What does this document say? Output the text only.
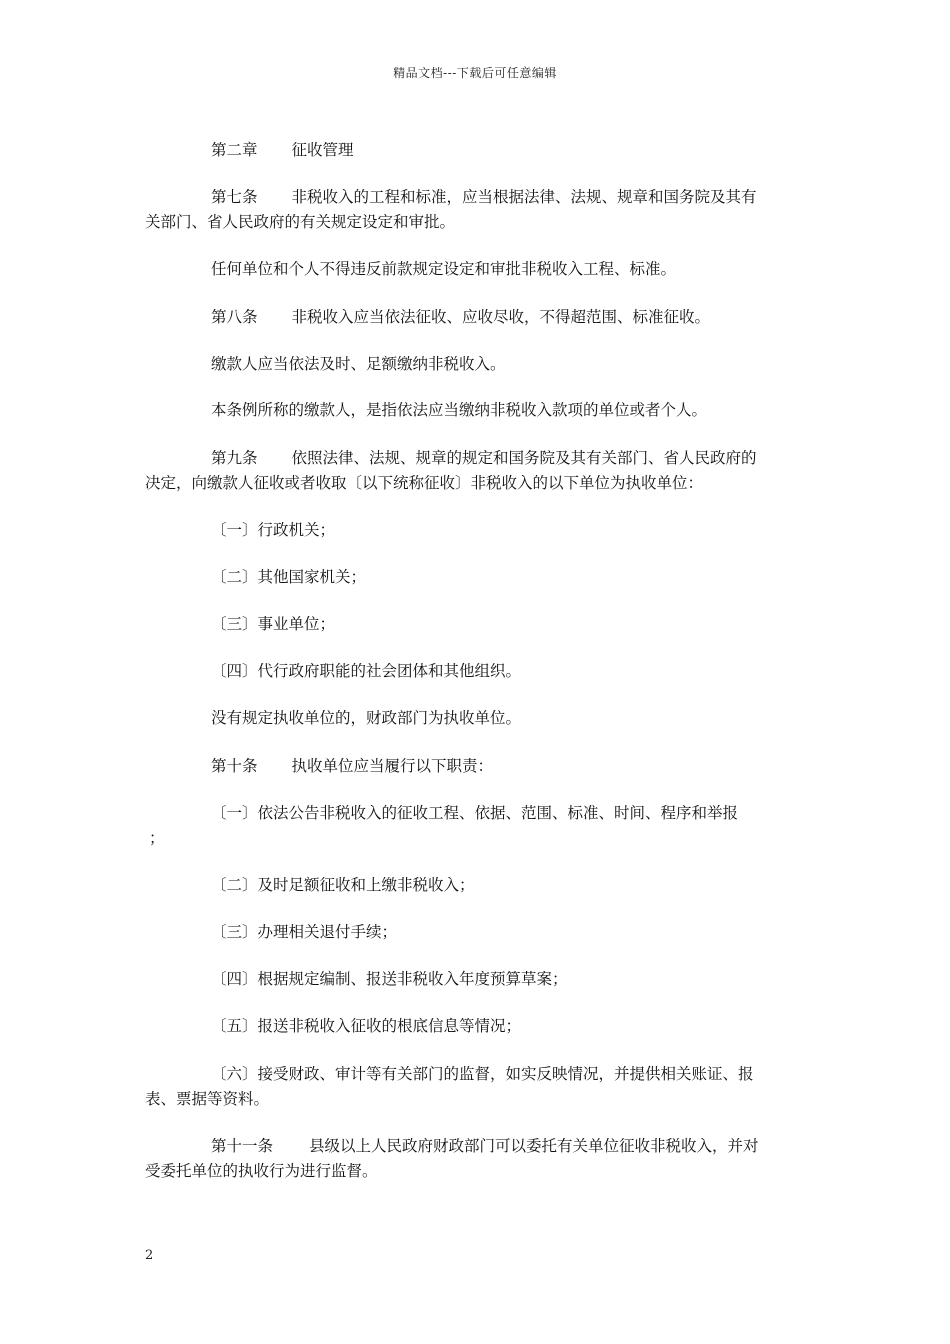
精品文档---下载后可任意编辑
第二章 征收管理
第七条 非税收入的工程和标准，应当根据法律、法规、规章和国务院及其有
关部门、省人民政府的有关规定设定和审批。
任何单位和个人不得违反前款规定设定和审批非税收入工程、标准。
第八条 非税收入应当依法征收、应收尽收，不得超范围、标准征收。
缴款人应当依法及时、足额缴纳非税收入。
本条例所称的缴款人，是指依法应当缴纳非税收入款项的单位或者个人。
第九条 依照法律、法规、规章的规定和国务院及其有关部门、省人民政府的
决定，向缴款人征收或者收取〔以下统称征收〕非税收入的以下单位为执收单位：
〔一〕行政机关；
〔二〕其他国家机关；
〔三〕事业单位；
〔四〕代行政府职能的社会团体和其他组织。
没有规定执收单位的，财政部门为执收单位。
第十条 执收单位应当履行以下职责：
〔一〕依法公告非税收入的征收工程、依据、范围、标准、时间、程序和举报
；
〔二〕及时足额征收和上缴非税收入；
〔三〕办理相关退付手续；
〔四〕根据规定编制、报送非税收入年度预算草案；
〔五〕报送非税收入征收的根底信息等情况；
〔六〕接受财政、审计等有关部门的监督，如实反映情况，并提供相关账证、报
表、票据等资料。
第十一条 县级以上人民政府财政部门可以委托有关单位征收非税收入，并对
受委托单位的执收行为进行监督。
2
